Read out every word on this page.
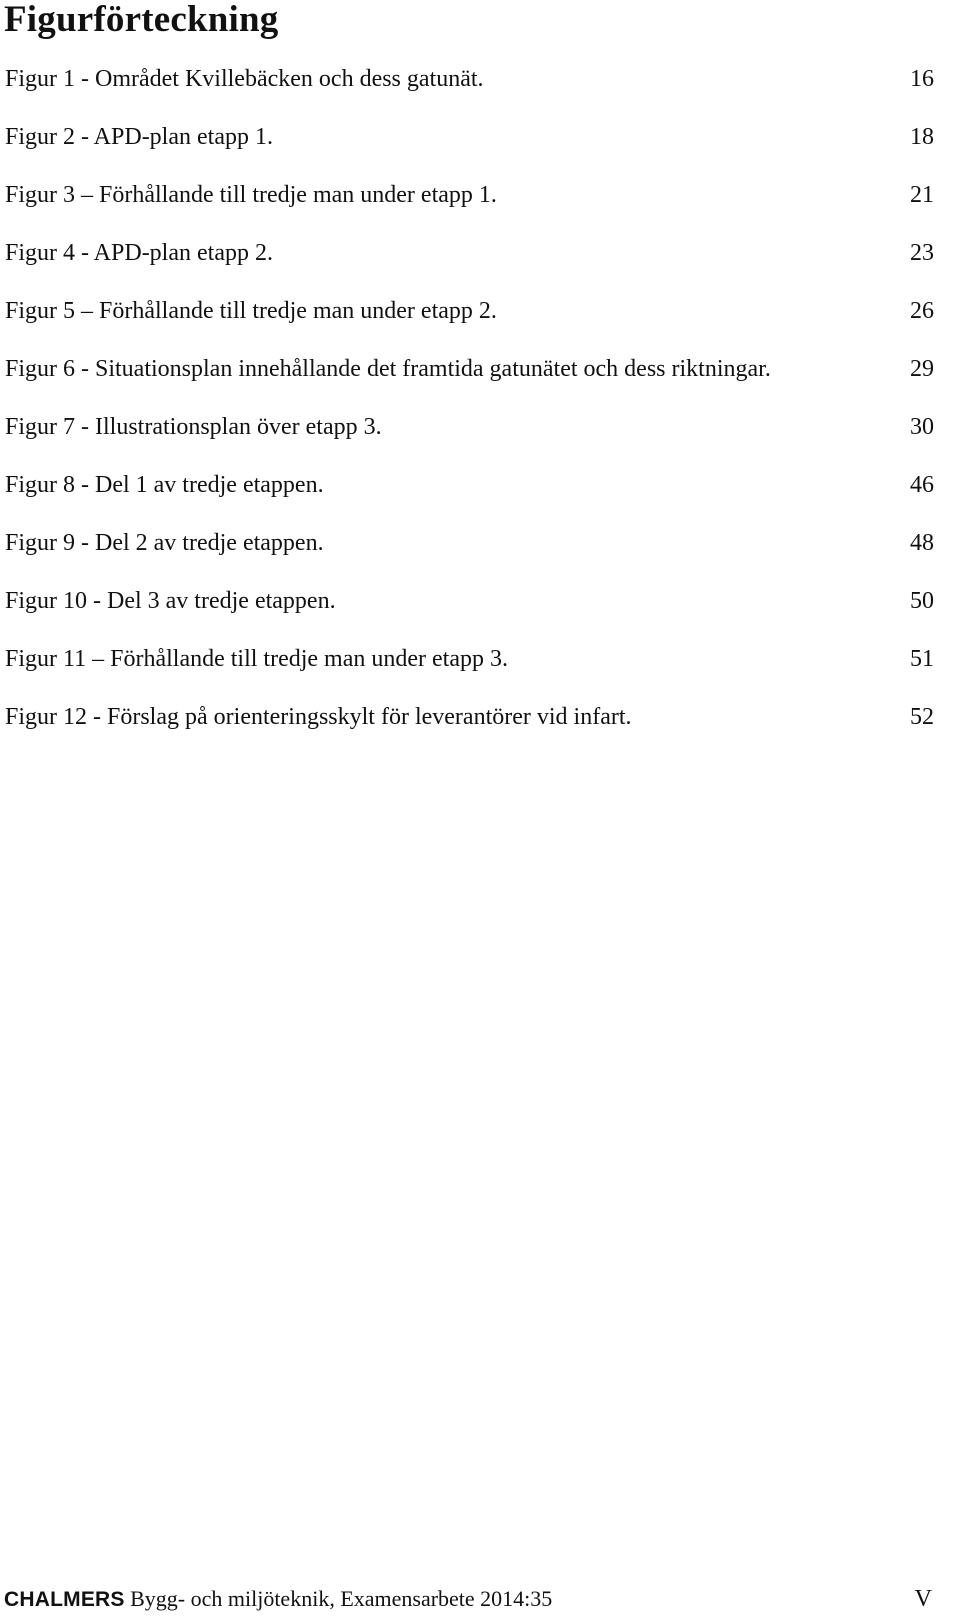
Figurförteckning
Figur 1 - Området Kvillebäcken och dess gatunät.	16
Figur 2 - APD-plan etapp 1.	18
Figur 3 – Förhållande till tredje man under etapp 1.	21
Figur 4 - APD-plan etapp 2.	23
Figur 5 – Förhållande till tredje man under etapp 2.	26
Figur 6 - Situationsplan innehållande det framtida gatunätet och dess riktningar.	29
Figur 7 - Illustrationsplan över etapp 3.	30
Figur 8 - Del 1 av tredje etappen.	46
Figur 9 - Del 2 av tredje etappen.	48
Figur 10 - Del 3 av tredje etappen.	50
Figur 11 – Förhållande till tredje man under etapp 3.	51
Figur 12 - Förslag på orienteringsskylt för leverantörer vid infart.	52
CHALMERS Bygg- och miljöteknik, Examensarbete 2014:35	V
